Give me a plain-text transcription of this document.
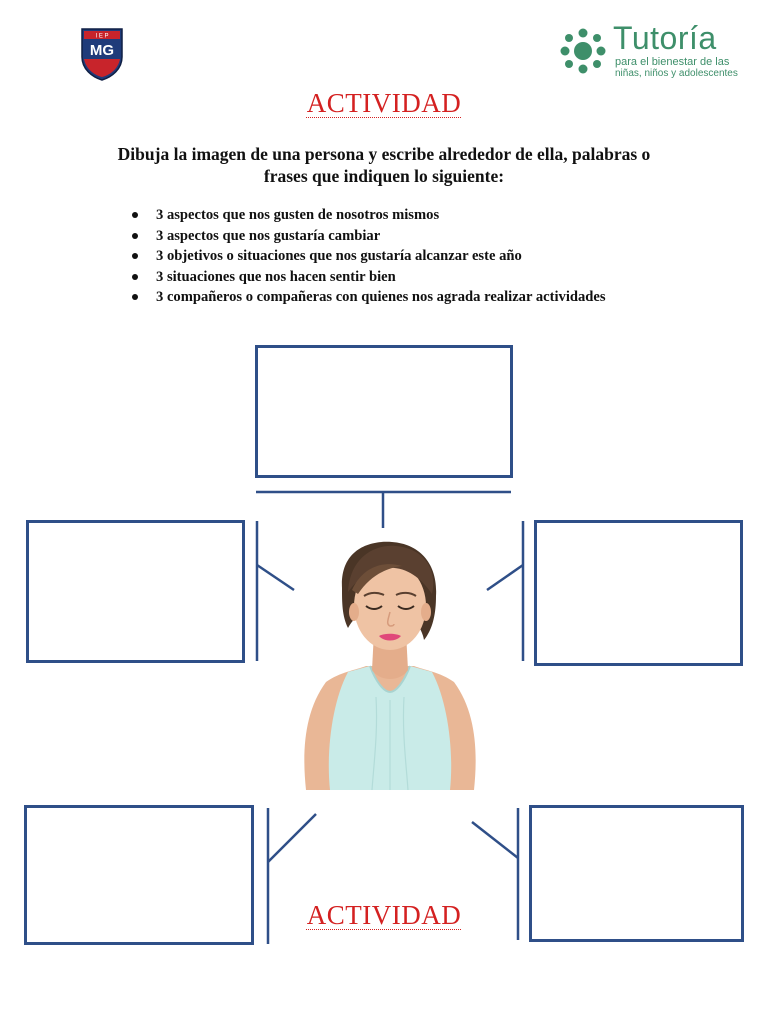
I E P
MG	Tutoría
para el bienestar de las
niñas, niños y adolescentes
ACTIVIDAD
Dibuja la imagen de una persona y escribe alrededor de ella, palabras o frases que indiquen lo siguiente:
3 aspectos que nos gusten de nosotros mismos
3 aspectos que nos gustaría cambiar
3 objetivos o situaciones que nos gustaría alcanzar este año
3 situaciones que nos hacen sentir bien
3 compañeros o compañeras con quienes nos agrada realizar actividades
ACTIVIDAD
